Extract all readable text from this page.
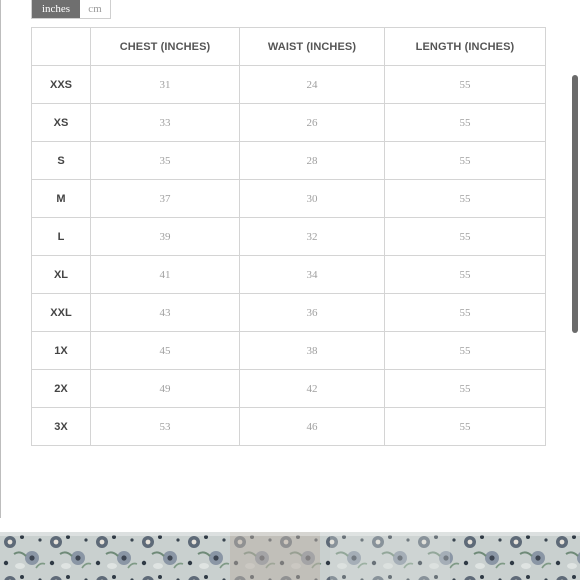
inches	cm
	CHEST (INCHES)	WAIST (INCHES)	LENGTH (INCHES)
XXS	31	24	55
XS	33	26	55
S	35	28	55
M	37	30	55
L	39	32	55
XL	41	34	55
XXL	43	36	55
1X	45	38	55
2X	49	42	55
3X	53	46	55
